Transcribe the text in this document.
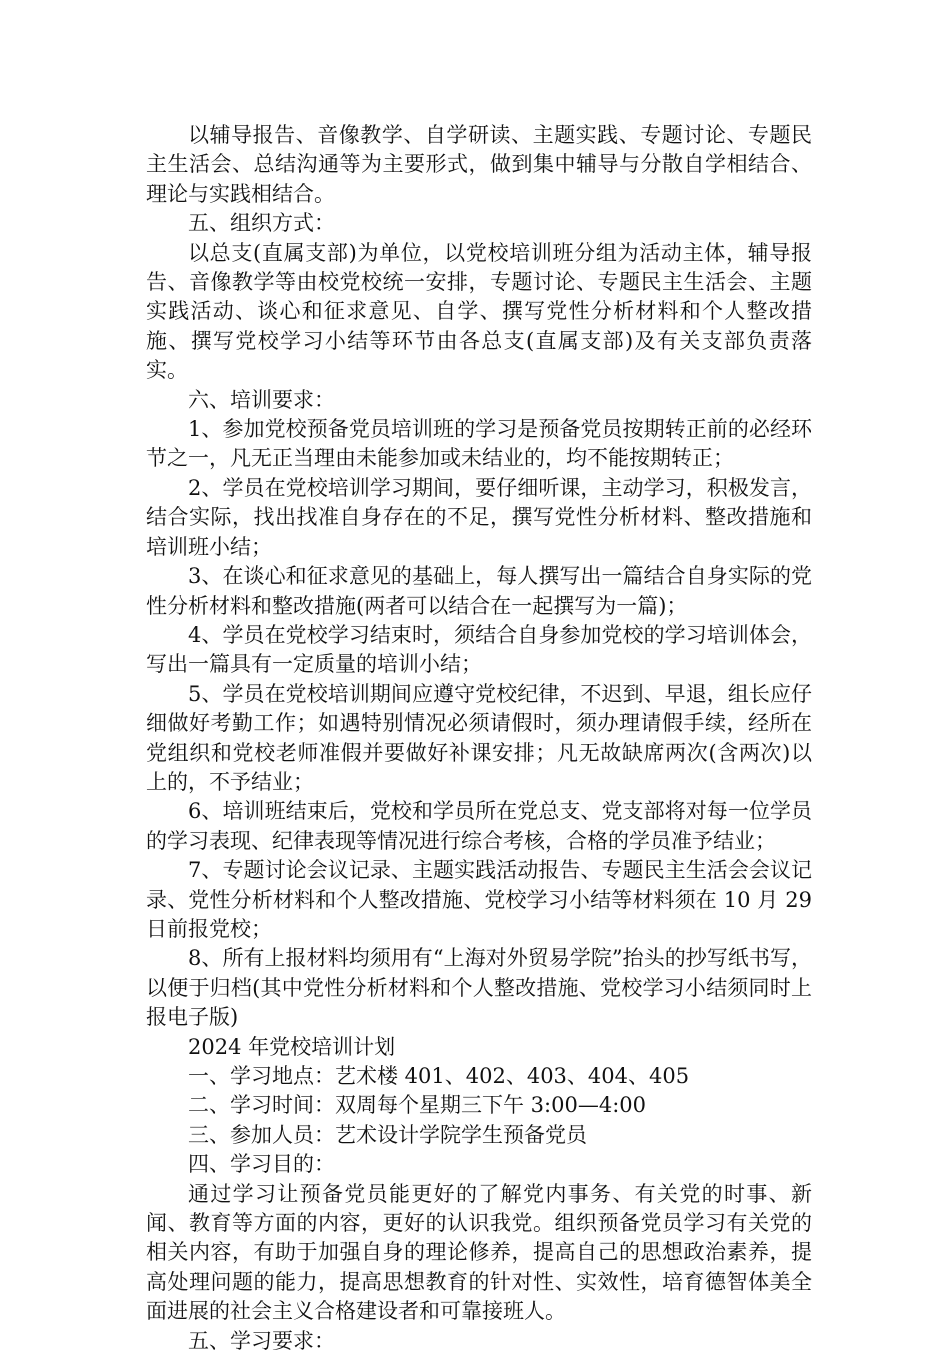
以辅导报告、音像教学、自学研读、主题实践、专题讨论、专题民主生活会、总结沟通等为主要形式，做到集中辅导与分散自学相结合、理论与实践相结合。

五、组织方式：

以总支(直属支部)为单位，以党校培训班分组为活动主体，辅导报告、音像教学等由校党校统一安排，专题讨论、专题民主生活会、主题实践活动、谈心和征求意见、自学、撰写党性分析材料和个人整改措施、撰写党校学习小结等环节由各总支(直属支部)及有关支部负责落实。

六、培训要求：

1、参加党校预备党员培训班的学习是预备党员按期转正前的必经环节之一，凡无正当理由未能参加或未结业的，均不能按期转正；

2、学员在党校培训学习期间，要仔细听课，主动学习，积极发言，结合实际，找出找准自身存在的不足，撰写党性分析材料、整改措施和培训班小结；

3、在谈心和征求意见的基础上，每人撰写出一篇结合自身实际的党性分析材料和整改措施(两者可以结合在一起撰写为一篇)；

4、学员在党校学习结束时，须结合自身参加党校的学习培训体会，写出一篇具有一定质量的培训小结；

5、学员在党校培训期间应遵守党校纪律，不迟到、早退，组长应仔细做好考勤工作；如遇特别情况必须请假时，须办理请假手续，经所在党组织和党校老师准假并要做好补课安排；凡无故缺席两次(含两次)以上的，不予结业；

6、培训班结束后，党校和学员所在党总支、党支部将对每一位学员的学习表现、纪律表现等情况进行综合考核，合格的学员准予结业；

7、专题讨论会议记录、主题实践活动报告、专题民主生活会会议记录、党性分析材料和个人整改措施、党校学习小结等材料须在 10 月 29 日前报党校；

8、所有上报材料均须用有“上海对外贸易学院”抬头的抄写纸书写，以便于归档(其中党性分析材料和个人整改措施、党校学习小结须同时上报电子版)

2024 年党校培训计划

一、学习地点：艺术楼 401、402、403、404、405

二、学习时间：双周每个星期三下午 3:00—4:00

三、参加人员：艺术设计学院学生预备党员

四、学习目的：

通过学习让预备党员能更好的了解党内事务、有关党的时事、新闻、教育等方面的内容，更好的认识我党。组织预备党员学习有关党的相关内容，有助于加强自身的理论修养，提高自己的思想政治素养，提高处理问题的能力，提高思想教育的针对性、实效性，培育德智体美全面进展的社会主义合格建设者和可靠接班人。

五、学习要求：
